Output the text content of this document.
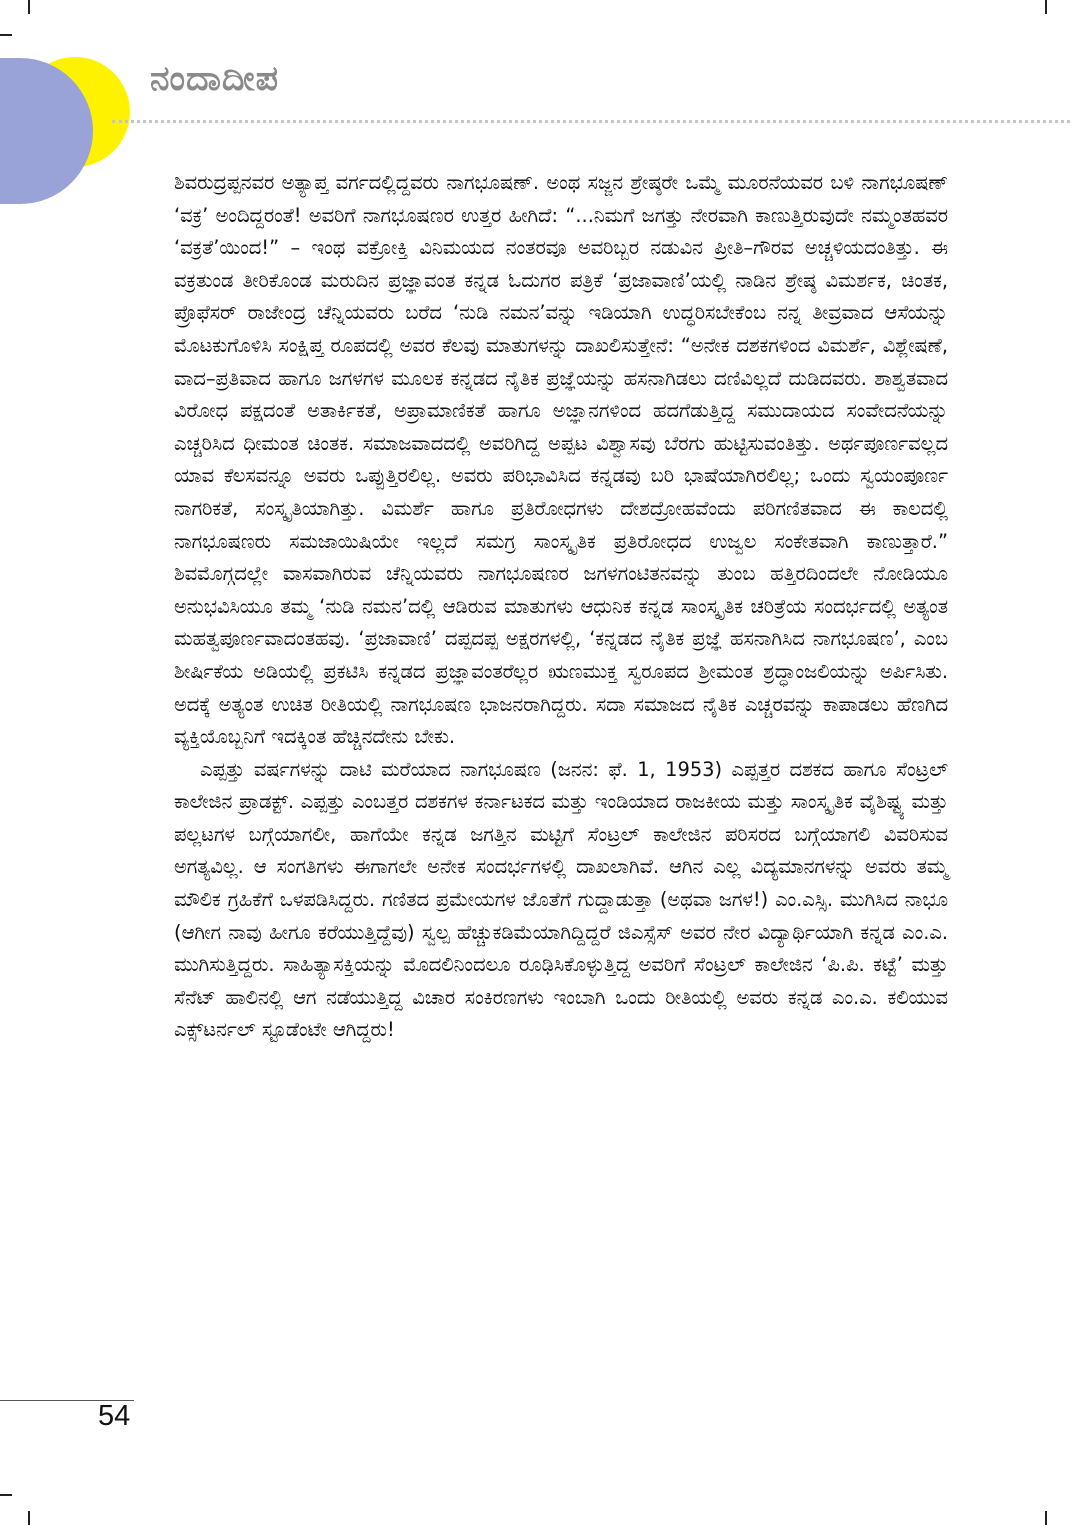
ನಂದಾದೀಪ

ಶಿವರುದ್ರಪ್ಪನವರ ಅತ್ಯಾಪ್ತ ವರ್ಗದಲ್ಲಿದ್ದವರು ನಾಗಭೂಷಣ್. ಅಂಥ ಸಜ್ಜನ ಶ್ರೇಷ್ಠರೇ ಒಮ್ಮೆ ಮೂರನೆಯವರ ಬಳಿ ನಾಗಭೂಷಣ್ ‘ವಕ್ರ’ ಅಂದಿದ್ದರಂತೆ! ಅವರಿಗೆ ನಾಗಭೂಷಣರ ಉತ್ತರ ಹೀಗಿದೆ: “...ನಿಮಗೆ ಜಗತ್ತು ನೇರವಾಗಿ ಕಾಣುತ್ತಿರುವುದೇ ನಮ್ಮಂತಹವರ ‘ವಕ್ರತೆ’ಯಿಂದ!” – ಇಂಥ ವಕ್ರೋಕ್ತಿ ವಿನಿಮಯದ ನಂತರವೂ ಅವರಿಬ್ಬರ ನಡುವಿನ ಪ್ರೀತಿ–ಗೌರವ ಅಚ್ಚಳಿಯದಂತಿತ್ತು. ಈ ವಕ್ರತುಂಡ ತೀರಿಕೊಂಡ ಮರುದಿನ ಪ್ರಜ್ಞಾವಂತ ಕನ್ನಡ ಓದುಗರ ಪತ್ರಿಕೆ ‘ಪ್ರಜಾವಾಣಿ’ಯಲ್ಲಿ ನಾಡಿನ ಶ್ರೇಷ್ಠ ವಿಮರ್ಶಕ, ಚಿಂತಕ, ಪ್ರೊಫೆಸರ್ ರಾಜೇಂದ್ರ ಚೆನ್ನಿಯವರು ಬರೆದ ‘ನುಡಿ ನಮನ’ವನ್ನು ಇಡಿಯಾಗಿ ಉದ್ಧರಿಸಬೇಕೆಂಬ ನನ್ನ ತೀವ್ರವಾದ ಆಸೆಯನ್ನು ಮೊಟಕುಗೊಳಿಸಿ ಸಂಕ್ಷಿಪ್ತ ರೂಪದಲ್ಲಿ ಅವರ ಕೆಲವು ಮಾತುಗಳನ್ನು ದಾಖಲಿಸುತ್ತೇನೆ: “ಅನೇಕ ದಶಕಗಳಿಂದ ವಿಮರ್ಶೆ, ವಿಶ್ಲೇಷಣೆ, ವಾದ–ಪ್ರತಿವಾದ ಹಾಗೂ ಜಗಳಗಳ ಮೂಲಕ ಕನ್ನಡದ ನೈತಿಕ ಪ್ರಜ್ಞೆಯನ್ನು ಹಸನಾಗಿಡಲು ದಣಿವಿಲ್ಲದೆ ದುಡಿದವರು. ಶಾಶ್ವತವಾದ ವಿರೋಧ ಪಕ್ಷದಂತೆ ಅತಾರ್ಕಿಕತೆ, ಅಪ್ರಾಮಾಣಿಕತೆ ಹಾಗೂ ಅಜ್ಞಾನಗಳಿಂದ ಹದಗೆಡುತ್ತಿದ್ದ ಸಮುದಾಯದ ಸಂವೇದನೆಯನ್ನು ಎಚ್ಚರಿಸಿದ ಧೀಮಂತ ಚಿಂತಕ. ಸಮಾಜವಾದದಲ್ಲಿ ಅವರಿಗಿದ್ದ ಅಪ್ಪಟ ವಿಶ್ವಾಸವು ಬೆರಗು ಹುಟ್ಟಿಸುವಂತಿತ್ತು. ಅರ್ಥಪೂರ್ಣವಲ್ಲದ ಯಾವ ಕೆಲಸವನ್ನೂ ಅವರು ಒಪ್ಪುತ್ತಿರಲಿಲ್ಲ. ಅವರು ಪರಿಭಾವಿಸಿದ ಕನ್ನಡವು ಬರಿ ಭಾಷೆಯಾಗಿರಲಿಲ್ಲ; ಒಂದು ಸ್ವಯಂಪೂರ್ಣ ನಾಗರಿಕತೆ, ಸಂಸ್ಕೃತಿಯಾಗಿತ್ತು. ವಿಮರ್ಶೆ ಹಾಗೂ ಪ್ರತಿರೋಧಗಳು ದೇಶದ್ರೋಹವೆಂದು ಪರಿಗಣಿತವಾದ ಈ ಕಾಲದಲ್ಲಿ ನಾಗಭೂಷಣರು ಸಮಜಾಯಿಷಿಯೇ ಇಲ್ಲದೆ ಸಮಗ್ರ ಸಾಂಸ್ಕೃತಿಕ ಪ್ರತಿರೋಧದ ಉಜ್ವಲ ಸಂಕೇತವಾಗಿ ಕಾಣುತ್ತಾರೆ.” ಶಿವಮೊಗ್ಗದಲ್ಲೇ ವಾಸವಾಗಿರುವ ಚೆನ್ನಿಯವರು ನಾಗಭೂಷಣರ ಜಗಳಗಂಟಿತನವನ್ನು ತುಂಬ ಹತ್ತಿರದಿಂದಲೇ ನೋಡಿಯೂ ಅನುಭವಿಸಿಯೂ ತಮ್ಮ ‘ನುಡಿ ನಮನ’ದಲ್ಲಿ ಆಡಿರುವ ಮಾತುಗಳು ಆಧುನಿಕ ಕನ್ನಡ ಸಾಂಸ್ಕೃತಿಕ ಚರಿತ್ರೆಯ ಸಂದರ್ಭದಲ್ಲಿ ಅತ್ಯಂತ ಮಹತ್ವಪೂರ್ಣವಾದಂತಹವು. ‘ಪ್ರಜಾವಾಣಿ’ ದಪ್ಪದಪ್ಪ ಅಕ್ಷರಗಳಲ್ಲಿ, ‘ಕನ್ನಡದ ನೈತಿಕ ಪ್ರಜ್ಞೆ ಹಸನಾಗಿಸಿದ ನಾಗಭೂಷಣ’, ಎಂಬ ಶೀರ್ಷಿಕೆಯ ಅಡಿಯಲ್ಲಿ ಪ್ರಕಟಿಸಿ ಕನ್ನಡದ ಪ್ರಜ್ಞಾವಂತರೆಲ್ಲರ ಋಣಮುಕ್ತ ಸ್ವರೂಪದ ಶ್ರೀಮಂತ ಶ್ರದ್ಧಾಂಜಲಿಯನ್ನು ಅರ್ಪಿಸಿತು. ಅದಕ್ಕೆ ಅತ್ಯಂತ ಉಚಿತ ರೀತಿಯಲ್ಲಿ ನಾಗಭೂಷಣ ಭಾಜನರಾಗಿದ್ದರು. ಸದಾ ಸಮಾಜದ ನೈತಿಕ ಎಚ್ಚರವನ್ನು ಕಾಪಾಡಲು ಹೆಣಗಿದ ವ್ಯಕ್ತಿಯೊಬ್ಬನಿಗೆ ಇದಕ್ಕಿಂತ ಹೆಚ್ಚಿನದೇನು ಬೇಕು.

ಎಪ್ಪತ್ತು ವರ್ಷಗಳನ್ನು ದಾಟಿ ಮರೆಯಾದ ನಾಗಭೂಷಣ (ಜನನ: ಫೆ. 1, 1953) ಎಪ್ಪತ್ತರ ದಶಕದ ಹಾಗೂ ಸೆಂಟ್ರಲ್ ಕಾಲೇಜಿನ ಪ್ರಾಡಕ್ಟ್. ಎಪ್ಪತ್ತು ಎಂಬತ್ತರ ದಶಕಗಳ ಕರ್ನಾಟಕದ ಮತ್ತು ಇಂಡಿಯಾದ ರಾಜಕೀಯ ಮತ್ತು ಸಾಂಸ್ಕೃತಿಕ ವೈಶಿಷ್ಟ್ಯ ಮತ್ತು ಪಲ್ಲಟಗಳ ಬಗ್ಗೆಯಾಗಲೀ, ಹಾಗೆಯೇ ಕನ್ನಡ ಜಗತ್ತಿನ ಮಟ್ಟಿಗೆ ಸೆಂಟ್ರಲ್ ಕಾಲೇಜಿನ ಪರಿಸರದ ಬಗ್ಗೆಯಾಗಲಿ ವಿವರಿಸುವ ಅಗತ್ಯವಿಲ್ಲ. ಆ ಸಂಗತಿಗಳು ಈಗಾಗಲೇ ಅನೇಕ ಸಂದರ್ಭಗಳಲ್ಲಿ ದಾಖಲಾಗಿವೆ. ಆಗಿನ ಎಲ್ಲ ವಿದ್ಯಮಾನಗಳನ್ನು ಅವರು ತಮ್ಮ ಮೌಲಿಕ ಗ್ರಹಿಕೆಗೆ ಒಳಪಡಿಸಿದ್ದರು. ಗಣಿತದ ಪ್ರಮೇಯಗಳ ಜೊತೆಗೆ ಗುದ್ದಾಡುತ್ತಾ (ಅಥವಾ ಜಗಳ!) ಎಂ.ಎಸ್ಸಿ. ಮುಗಿಸಿದ ನಾಭೂ (ಆಗೀಗ ನಾವು ಹೀಗೂ ಕರೆಯುತ್ತಿದ್ದೆವು) ಸ್ವಲ್ಪ ಹೆಚ್ಚುಕಡಿಮೆಯಾಗಿದ್ದಿದ್ದರೆ ಜಿಎಸ್ಸೆಸ್ ಅವರ ನೇರ ವಿದ್ಯಾರ್ಥಿಯಾಗಿ ಕನ್ನಡ ಎಂ.ಎ. ಮುಗಿಸುತ್ತಿದ್ದರು. ಸಾಹಿತ್ಯಾಸಕ್ತಿಯನ್ನು ಮೊದಲಿನಿಂದಲೂ ರೂಢಿಸಿಕೊಳ್ಳುತ್ತಿದ್ದ ಅವರಿಗೆ ಸೆಂಟ್ರಲ್ ಕಾಲೇಜಿನ ‘ಪಿ.ಪಿ. ಕಟ್ಟೆ’ ಮತ್ತು ಸೆನೆಟ್ ಹಾಲಿನಲ್ಲಿ ಆಗ ನಡೆಯುತ್ತಿದ್ದ ವಿಚಾರ ಸಂಕಿರಣಗಳು ಇಂಬಾಗಿ ಒಂದು ರೀತಿಯಲ್ಲಿ ಅವರು ಕನ್ನಡ ಎಂ.ಎ. ಕಲಿಯುವ ಎಕ್ಸ್‌ಟರ್ನಲ್ ಸ್ಟೂಡೆಂಟೇ ಆಗಿದ್ದರು!

54
